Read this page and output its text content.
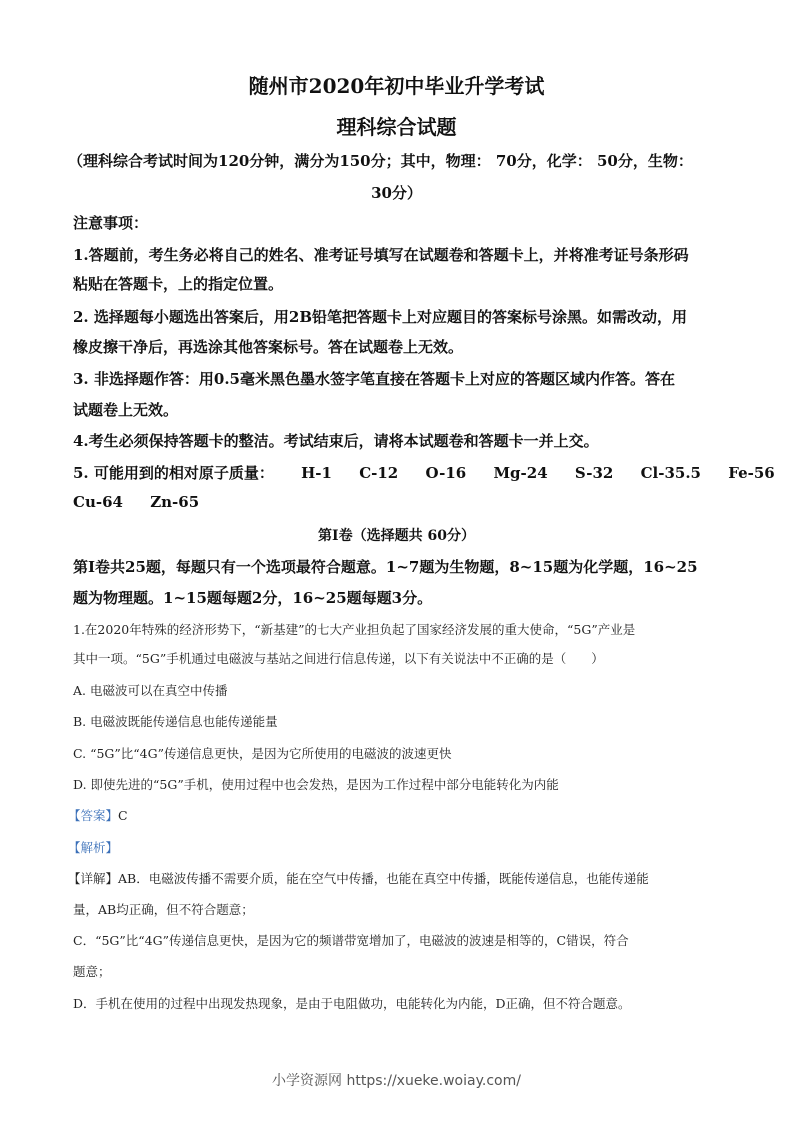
随州市2020年初中毕业升学考试
理科综合试题
（理科综合考试时间为120分钟，满分为150分；其中，物理： 70分，化学： 50分，生物：
30分）
注意事项：
1.答题前，考生务必将自己的姓名、准考证号填写在试题卷和答题卡上，并将准考证号条形码
粘贴在答题卡，上的指定位置。
2. 选择题每小题选出答案后，用2B铅笔把答题卡上对应题目的答案标号涂黑。如需改动，用
橡皮擦干净后，再选涂其他答案标号。答在试题卷上无效。
3. 非选择题作答：用0.5毫米黑色墨水签字笔直接在答题卡上对应的答题区域内作答。答在
试题卷上无效。
4.考生必须保持答题卡的整洁。考试结束后，请将本试题卷和答题卡一并上交。
5. 可能用到的相对原子质量： H-1 C-12 O-16 Mg-24 S-32 Cl-35.5 Fe-56
Cu-64 Zn-65
第I卷（选择题共 60分）
第I卷共25题，每题只有一个选项最符合题意。1~7题为生物题，8~15题为化学题，16~25
题为物理题。1~15题每题2分，16~25题每题3分。
1.在2020年特殊的经济形势下，“新基建”的七大产业担负起了国家经济发展的重大使命，“5G”产业是
其中一项。“5G”手机通过电磁波与基站之间进行信息传递，以下有关说法中不正确的是（　　）
A. 电磁波可以在真空中传播
B. 电磁波既能传递信息也能传递能量
C. “5G”比“4G”传递信息更快，是因为它所使用的电磁波的波速更快
D. 即使先进的“5G”手机，使用过程中也会发热，是因为工作过程中部分电能转化为内能
【答案】C
【解析】
【详解】AB．电磁波传播不需要介质，能在空气中传播，也能在真空中传播，既能传递信息，也能传递能
量，AB均正确，但不符合题意；
C．“5G”比“4G”传递信息更快，是因为它的频谱带宽增加了，电磁波的波速是相等的，C错误，符合
题意；
D．手机在使用的过程中出现发热现象，是由于电阻做功，电能转化为内能，D正确，但不符合题意。
小学资源网 https://xueke.woiay.com/
